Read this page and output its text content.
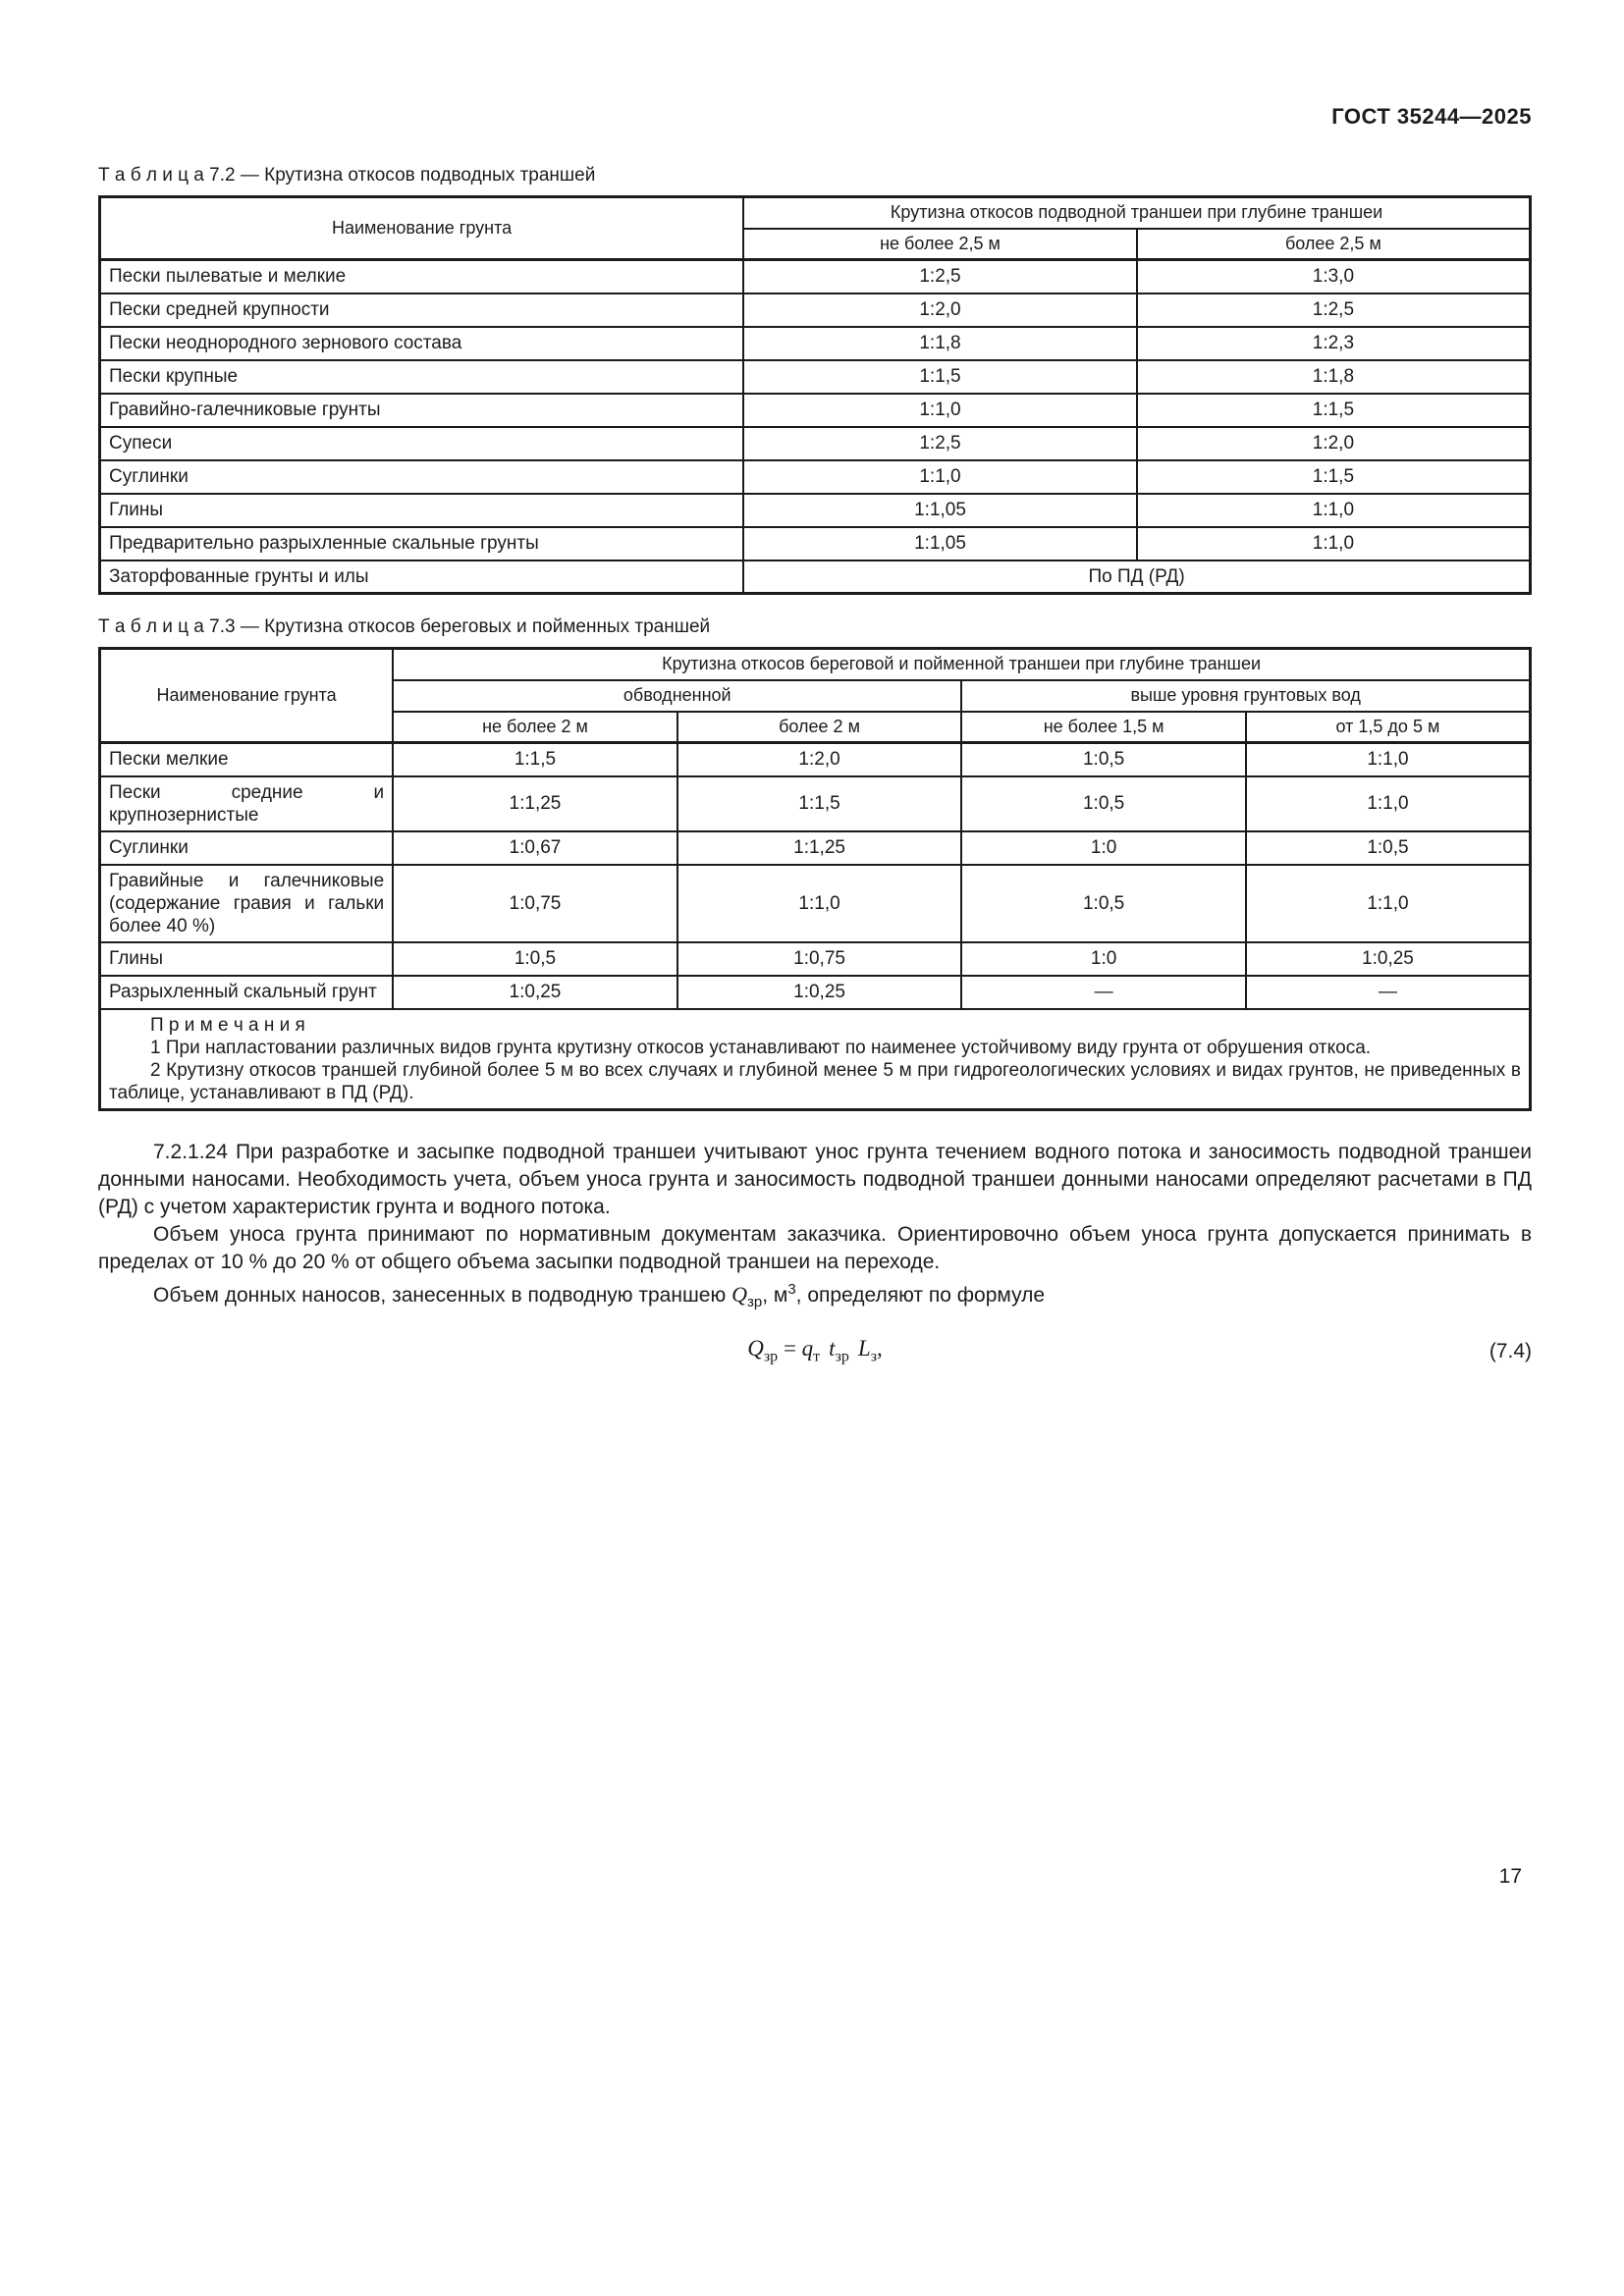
ГОСТ 35244—2025
Т а б л и ц а 7.2 — Крутизна откосов подводных траншей
Наименование грунта	Крутизна откосов подводной траншеи при глубине траншеи	
	не более 2,5 м	более 2,5 м
Пески пылеватые и мелкие	1:2,5	1:3,0
Пески средней крупности	1:2,0	1:2,5
Пески неоднородного зернового состава	1:1,8	1:2,3
Пески крупные	1:1,5	1:1,8
Гравийно-галечниковые грунты	1:1,0	1:1,5
Супеси	1:2,5	1:2,0
Суглинки	1:1,0	1:1,5
Глины	1:1,05	1:1,0
Предварительно разрыхленные скальные грунты	1:1,05	1:1,0
Заторфованные грунты и илы	По ПД (РД)	
Т а б л и ц а 7.3 — Крутизна откосов береговых и пойменных траншей
Наименование грунта	Крутизна откосов береговой и пойменной траншеи при глубине траншеи			
	обводненной		выше уровня грунтовых вод	
	не более 2 м	более 2 м	не более 1,5 м	от 1,5 до 5 м
Пески мелкие	1:1,5	1:2,0	1:0,5	1:1,0
Пески средние и крупнозернистые	1:1,25	1:1,5	1:0,5	1:1,0
Суглинки	1:0,67	1:1,25	1:0	1:0,5
Гравийные и галечниковые (содержание гравия и гальки более 40 %)	1:0,75	1:1,0	1:0,5	1:1,0
Глины	1:0,5	1:0,75	1:0	1:0,25
Разрыхленный скальный грунт	1:0,25	1:0,25	—	—

П р и м е ч а н и я
1 При напластовании различных видов грунта крутизну откосов устанавливают по наименее устойчивому виду грунта от обрушения откоса.
2 Крутизну откосов траншей глубиной более 5 м во всех случаях и глубиной менее 5 м при гидрогеологических условиях и видах грунтов, не приведенных в таблице, устанавливают в ПД (РД).				

7.2.1.24 При разработке и засыпке подводной траншеи учитывают унос грунта течением водного потока и заносимость подводной траншеи донными наносами. Необходимость учета, объем уноса грунта и заносимость подводной траншеи донными наносами определяют расчетами в ПД (РД) с учетом характеристик грунта и водного потока.

Объем уноса грунта принимают по нормативным документам заказчика. Ориентировочно объем уноса грунта допускается принимать в пределах от 10 % до 20 % от общего объема засыпки подводной траншеи на переходе.

Объем донных наносов, занесенных в подводную траншею $Q_{зр}$, $м^3$, определяют по формуле

$Q_{зр} = q_т$ $t_{зр}$ $L_з$,	(7.4)
17
